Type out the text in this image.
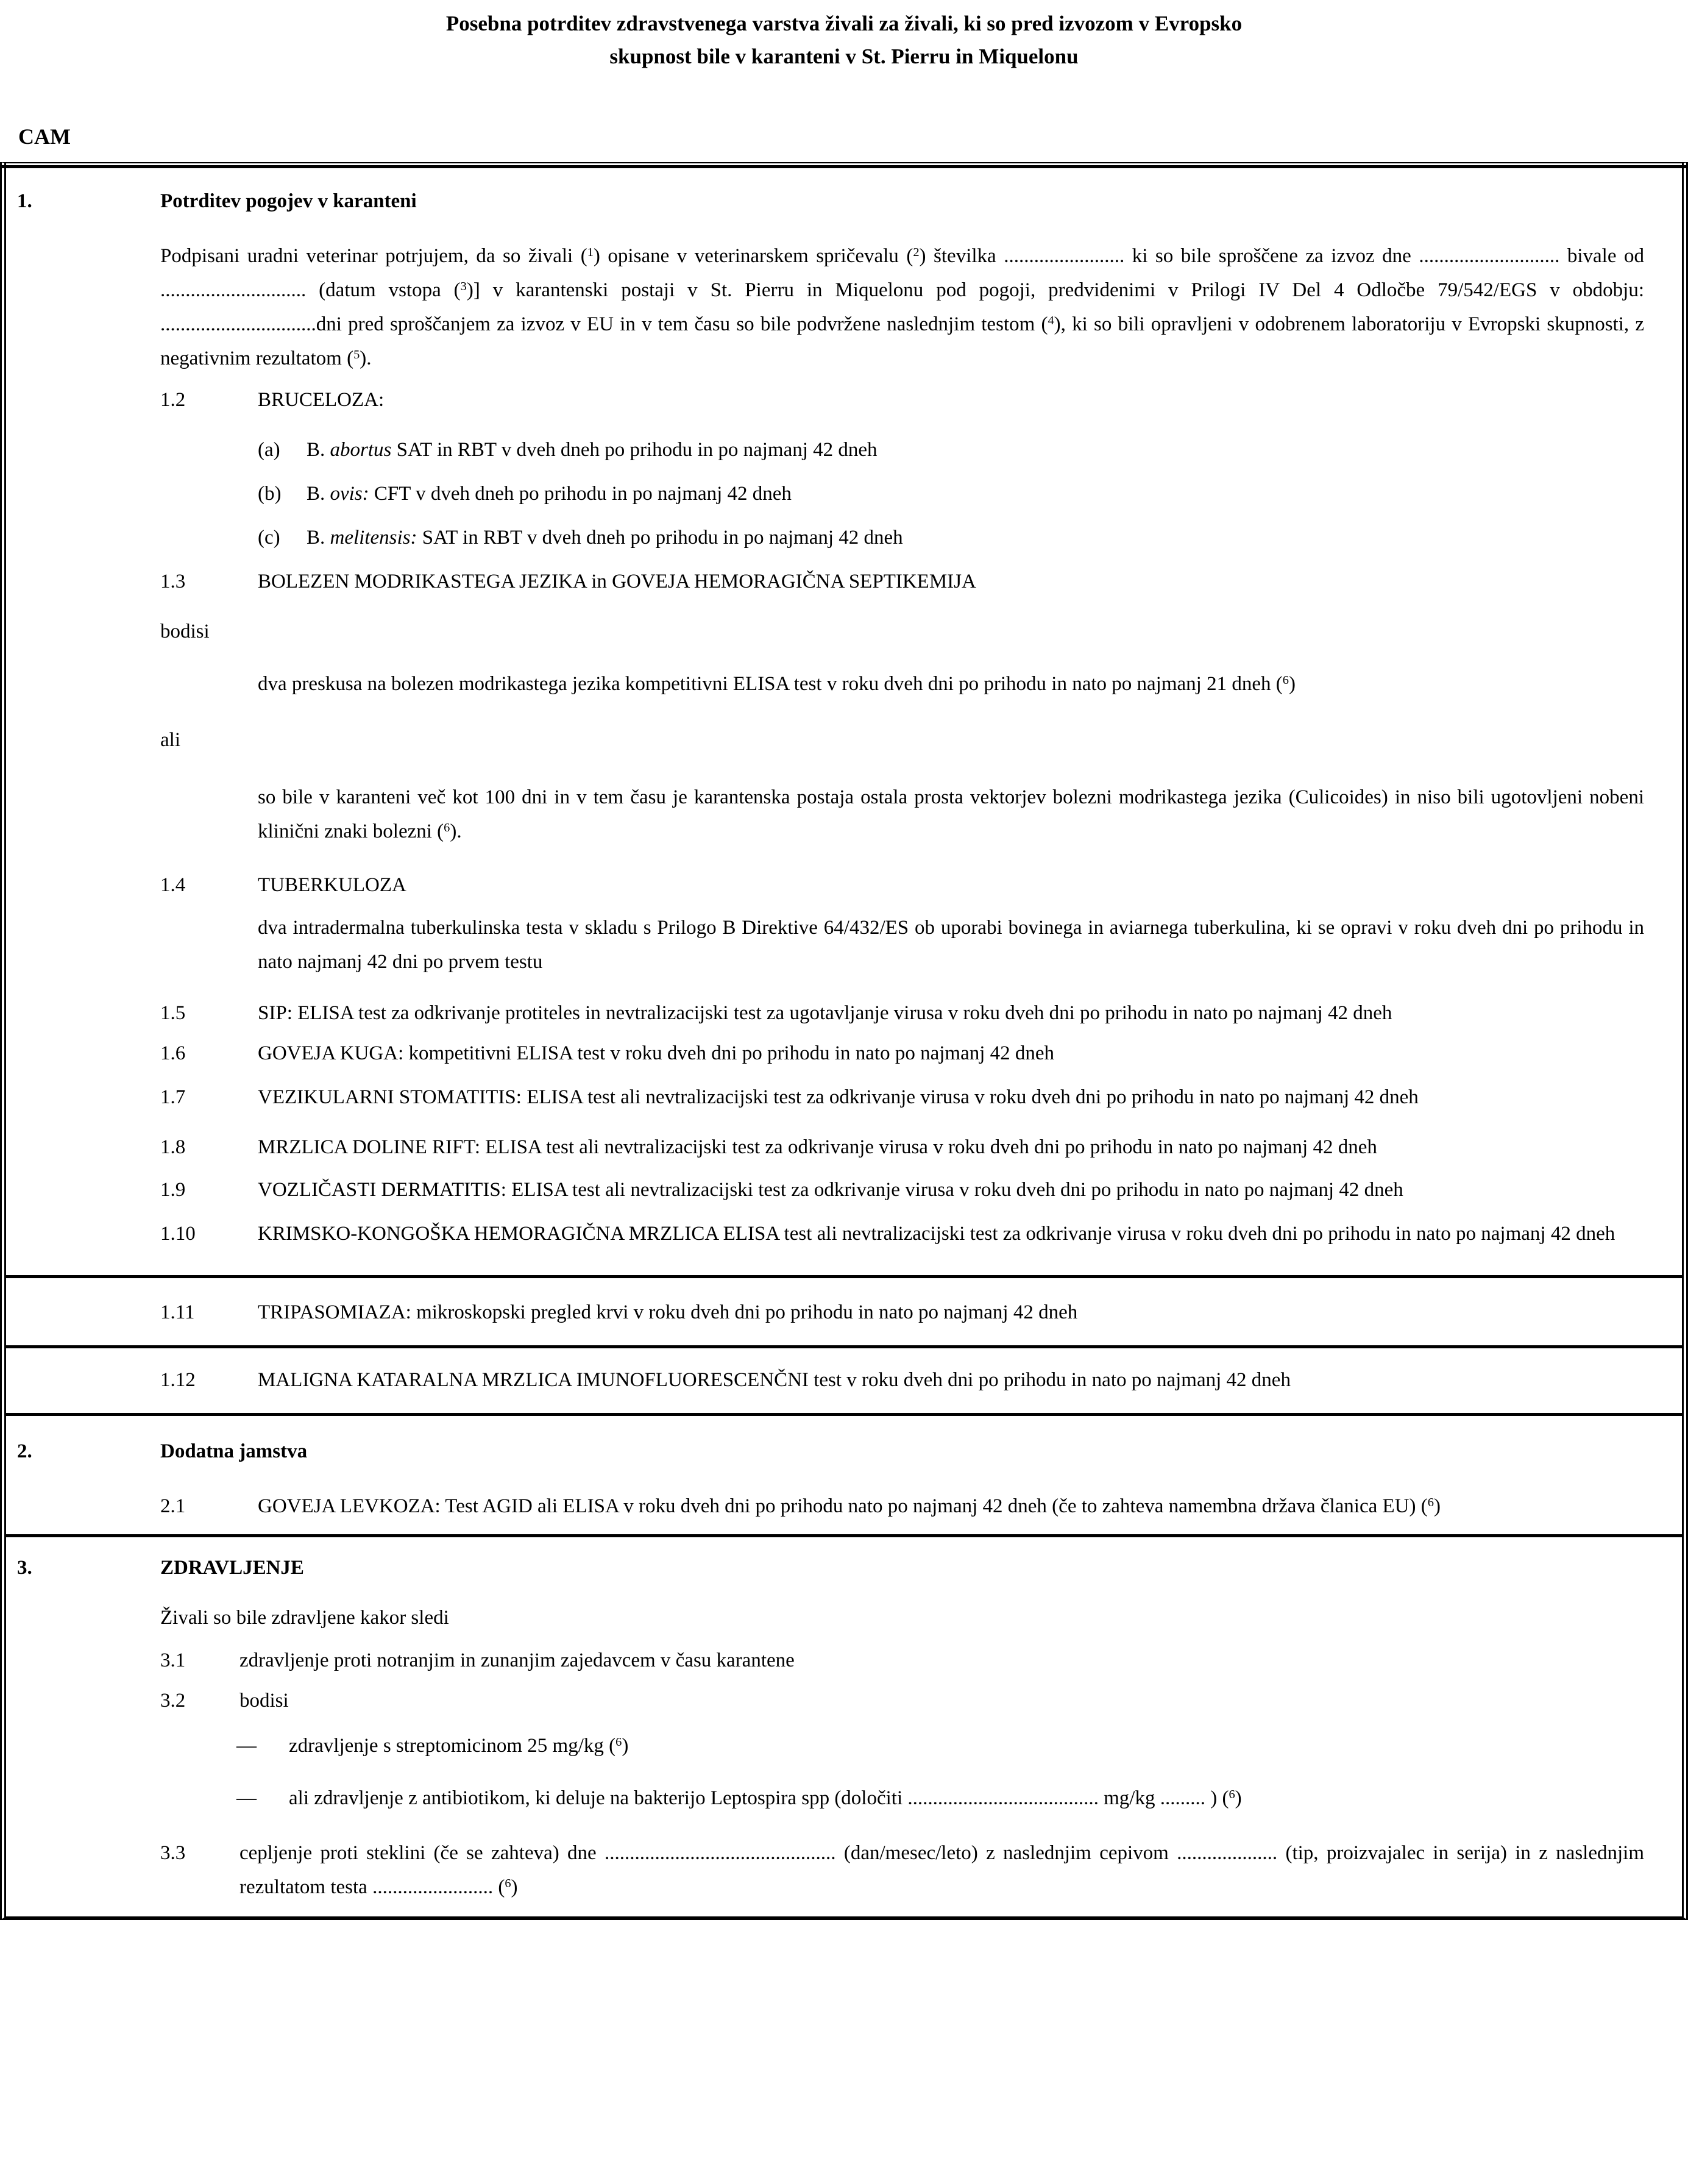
Posebna potrditev zdravstvenega varstva živali za živali, ki so pred izvozom v Evropsko
skupnost bile v karanteni v St. Pierru in Miquelonu
CAM
1.	Potrditev pogojev v karanteni
Podpisani uradni veterinar potrjujem, da so živali ($^1$) opisane v veterinarskem spričevalu ($^2$) številka ........................ ki so bile sproščene za izvoz dne ............................ bivale od ............................. (datum vstopa ($^3$)] v karantenski postaji v St. Pierru in Miquelonu pod pogoji, predvidenimi v Prilogi IV Del 4 Odločbe 79/542/EGS v obdobju: ...............................dni pred sproščanjem za izvoz v EU in v tem času so bile podvržene naslednjim testom ($^4$), ki so bili opravljeni v odobrenem laboratoriju v Evropski skupnosti, z negativnim rezultatom ($^5$).
1.2	BRUCELOZA:
(a)	B. abortus SAT in RBT v dveh dneh po prihodu in po najmanj 42 dneh
(b)	B. ovis: CFT v dveh dneh po prihodu in po najmanj 42 dneh
(c)	B. melitensis: SAT in RBT v dveh dneh po prihodu in po najmanj 42 dneh
1.3	BOLEZEN MODRIKASTEGA JEZIKA in GOVEJA HEMORAGIČNA SEPTIKEMIJA
bodisi
dva preskusa na bolezen modrikastega jezika kompetitivni ELISA test v roku dveh dni po prihodu in nato po najmanj 21 dneh ($^6$)
ali
so bile v karanteni več kot 100 dni in v tem času je karantenska postaja ostala prosta vektorjev bolezni modrikastega jezika (Culicoides) in niso bili ugotovljeni nobeni klinični znaki bolezni ($^6$).
1.4	TUBERKULOZA
dva intradermalna tuberkulinska testa v skladu s Prilogo B Direktive 64/432/ES ob uporabi bovinega in aviarnega tuberkulina, ki se opravi v roku dveh dni po prihodu in nato najmanj 42 dni po prvem testu
1.5	SIP: ELISA test za odkrivanje protiteles in nevtralizacijski test za ugotavljanje virusa v roku dveh dni po prihodu in nato po najmanj 42 dneh
1.6	GOVEJA KUGA: kompetitivni ELISA test v roku dveh dni po prihodu in nato po najmanj 42 dneh
1.7	VEZIKULARNI STOMATITIS: ELISA test ali nevtralizacijski test za odkrivanje virusa v roku dveh dni po prihodu in nato po najmanj 42 dneh
1.8	MRZLICA DOLINE RIFT: ELISA test ali nevtralizacijski test za odkrivanje virusa v roku dveh dni po prihodu in nato po najmanj 42 dneh
1.9	VOZLIČASTI DERMATITIS: ELISA test ali nevtralizacijski test za odkrivanje virusa v roku dveh dni po prihodu in nato po najmanj 42 dneh
1.10	KRIMSKO-KONGOŠKA HEMORAGIČNA MRZLICA ELISA test ali nevtralizacijski test za odkrivanje virusa v roku dveh dni po prihodu in nato po najmanj 42 dneh
1.11	TRIPASOMIAZA: mikroskopski pregled krvi v roku dveh dni po prihodu in nato po najmanj 42 dneh
1.12	MALIGNA KATARALNA MRZLICA IMUNOFLUORESCENČNI test v roku dveh dni po prihodu in nato po najmanj 42 dneh
2.	Dodatna jamstva
2.1	GOVEJA LEVKOZA: Test AGID ali ELISA v roku dveh dni po prihodu nato po najmanj 42 dneh (če to zahteva namembna država članica EU) ($^6$)
3.	ZDRAVLJENJE
Živali so bile zdravljene kakor sledi
3.1	zdravljenje proti notranjim in zunanjim zajedavcem v času karantene
3.2	bodisi
—	zdravljenje s streptomicinom 25 mg/kg ($^6$)
—	ali zdravljenje z antibiotikom, ki deluje na bakterijo Leptospira spp (določiti ...................................... mg/kg ......... ) ($^6$)
3.3	cepljenje proti steklini (če se zahteva) dne .............................................. (dan/mesec/leto) z naslednjim cepivom .................... (tip, proizvajalec in serija) in z naslednjim rezultatom testa ........................ ($^6$)
